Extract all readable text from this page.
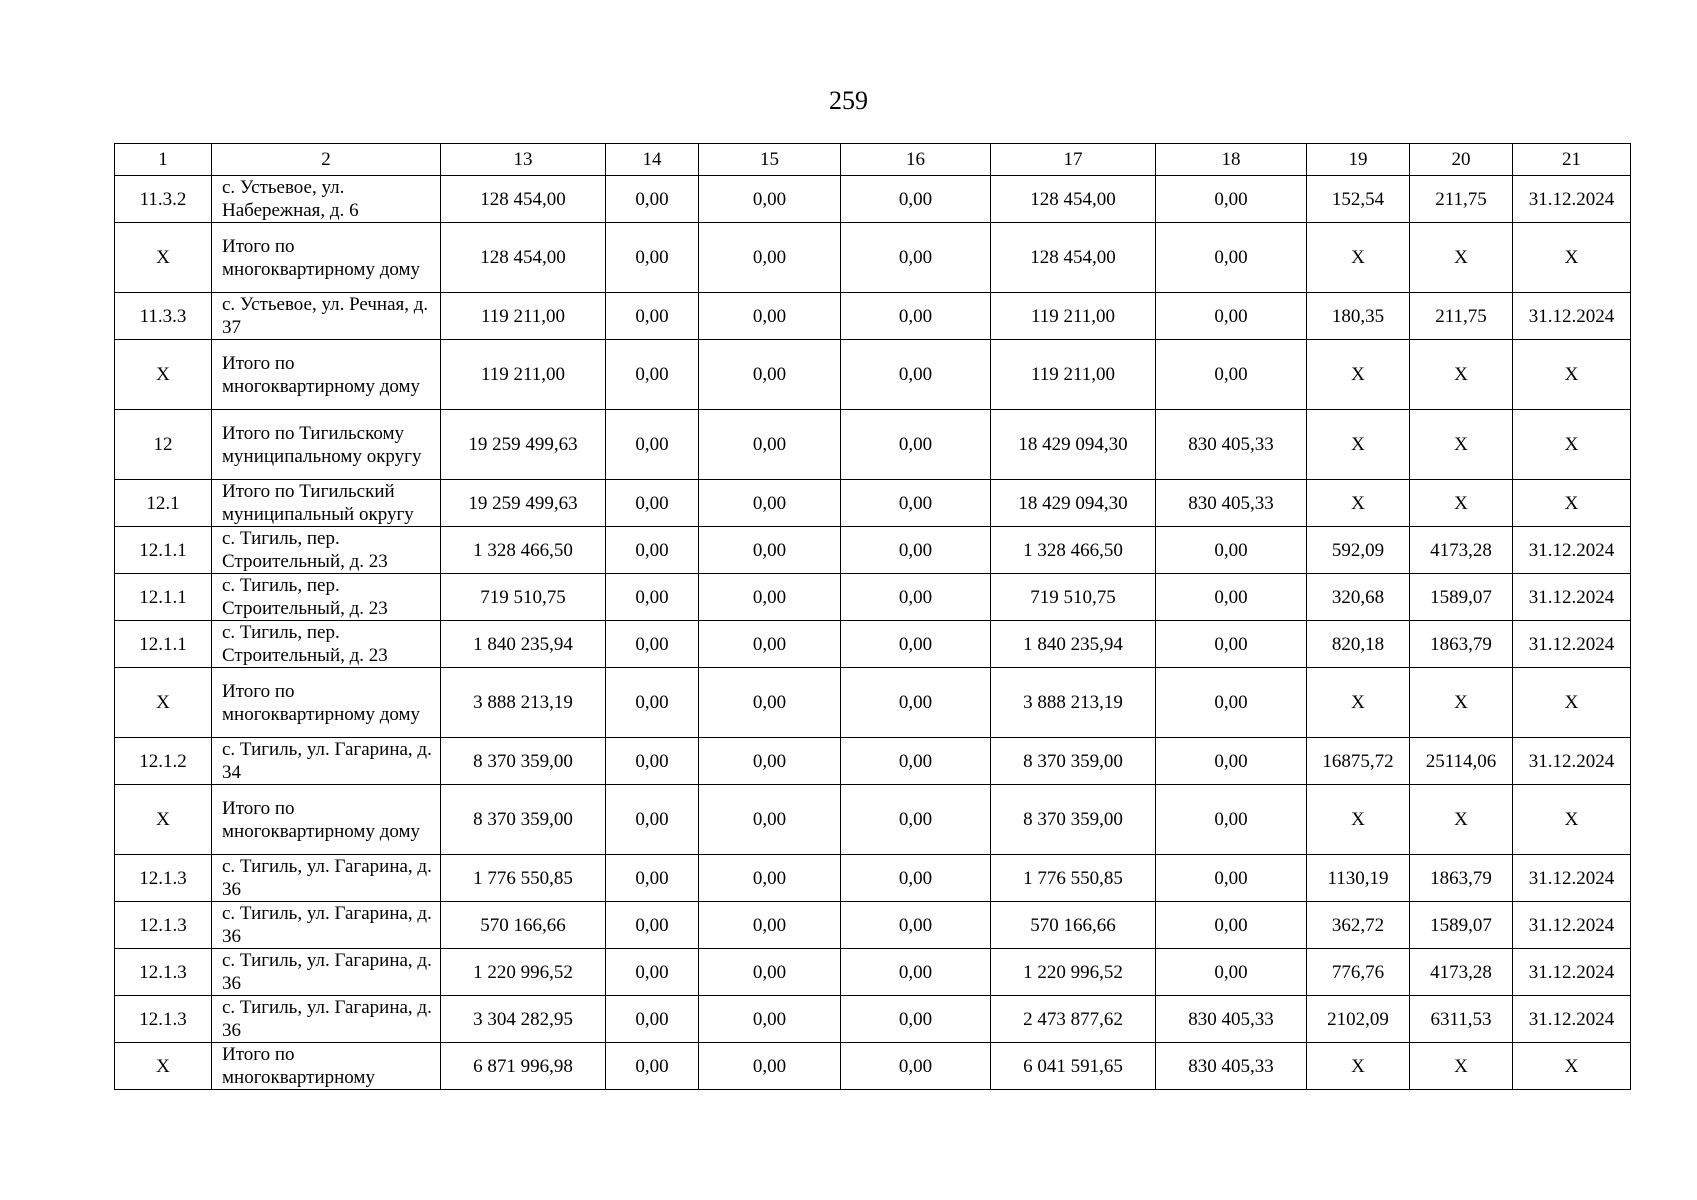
259
1	2	13	14	15	16	17	18	19	20	21
11.3.2	с. Устьевое, ул. Набережная, д. 6	128 454,00	0,00	0,00	0,00	128 454,00	0,00	152,54	211,75	31.12.2024
Х	Итого по многоквартирному дому	128 454,00	0,00	0,00	0,00	128 454,00	0,00	Х	Х	Х
11.3.3	с. Устьевое, ул. Речная, д. 37	119 211,00	0,00	0,00	0,00	119 211,00	0,00	180,35	211,75	31.12.2024
Х	Итого по многоквартирному дому	119 211,00	0,00	0,00	0,00	119 211,00	0,00	Х	Х	Х
12	Итого по Тигильскому муниципальному округу	19 259 499,63	0,00	0,00	0,00	18 429 094,30	830 405,33	Х	Х	Х
12.1	Итого по Тигильский муниципальный округу	19 259 499,63	0,00	0,00	0,00	18 429 094,30	830 405,33	Х	Х	Х
12.1.1	с. Тигиль, пер. Строительный, д. 23	1 328 466,50	0,00	0,00	0,00	1 328 466,50	0,00	592,09	4173,28	31.12.2024
12.1.1	с. Тигиль, пер. Строительный, д. 23	719 510,75	0,00	0,00	0,00	719 510,75	0,00	320,68	1589,07	31.12.2024
12.1.1	с. Тигиль, пер. Строительный, д. 23	1 840 235,94	0,00	0,00	0,00	1 840 235,94	0,00	820,18	1863,79	31.12.2024
Х	Итого по многоквартирному дому	3 888 213,19	0,00	0,00	0,00	3 888 213,19	0,00	Х	Х	Х
12.1.2	с. Тигиль, ул. Гагарина, д. 34	8 370 359,00	0,00	0,00	0,00	8 370 359,00	0,00	16875,72	25114,06	31.12.2024
Х	Итого по многоквартирному дому	8 370 359,00	0,00	0,00	0,00	8 370 359,00	0,00	Х	Х	Х
12.1.3	с. Тигиль, ул. Гагарина, д. 36	1 776 550,85	0,00	0,00	0,00	1 776 550,85	0,00	1130,19	1863,79	31.12.2024
12.1.3	с. Тигиль, ул. Гагарина, д. 36	570 166,66	0,00	0,00	0,00	570 166,66	0,00	362,72	1589,07	31.12.2024
12.1.3	с. Тигиль, ул. Гагарина, д. 36	1 220 996,52	0,00	0,00	0,00	1 220 996,52	0,00	776,76	4173,28	31.12.2024
12.1.3	с. Тигиль, ул. Гагарина, д. 36	3 304 282,95	0,00	0,00	0,00	2 473 877,62	830 405,33	2102,09	6311,53	31.12.2024
Х	Итого по многоквартирному	6 871 996,98	0,00	0,00	0,00	6 041 591,65	830 405,33	Х	Х	Х
